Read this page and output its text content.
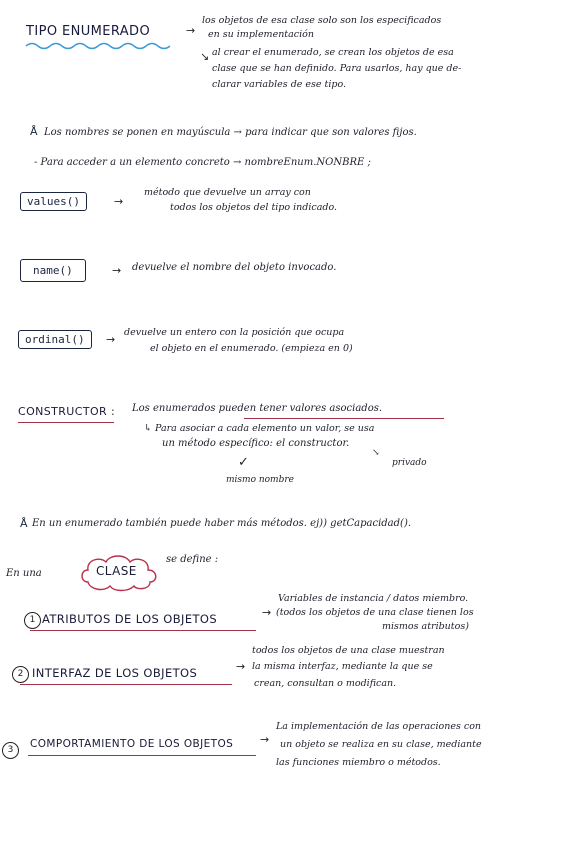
TIPO ENUMERADO	→
los objetos de esa clase solo son los especificados
en su implementación
↘ al crear el enumerado, se crean los objetos de esa
clase que se han definido. Para usarlos, hay que de-
clarar variables de ese tipo.
Å Los nombres se ponen en mayúscula → para indicar que son valores fijos.
- Para acceder a un elemento concreto → nombreEnum.NONBRE ;
values()	→
método que devuelve un array con
todos los objetos del tipo indicado.
name()	→ devuelve el nombre del objeto invocado.
ordinal()	→
devuelve un entero con la posición que ocupa
el objeto en el enumerado. (empieza en 0)
CONSTRUCTOR : Los enumerados pueden tener valores asociados.
↳ Para asociar a cada elemento un valor, se usa
un método específico: el constructor.
✓
mismo nombre
↘
privado
Å En un enumerado también puede haber más métodos. ej)) getCapacidad().
En una	CLASE
se define :
1 ATRIBUTOS DE LOS OBJETOS	→
Variables de instancia / datos miembro.
(todos los objetos de una clase tienen los
mismos atributos)
2 INTERFAZ DE LOS OBJETOS	→
todos los objetos de una clase muestran
la misma interfaz, mediante la que se
crean, consultan o modifican.
3	COMPORTAMIENTO DE LOS OBJETOS →
La implementación de las operaciones con
un objeto se realiza en su clase, mediante
las funciones miembro o métodos.
